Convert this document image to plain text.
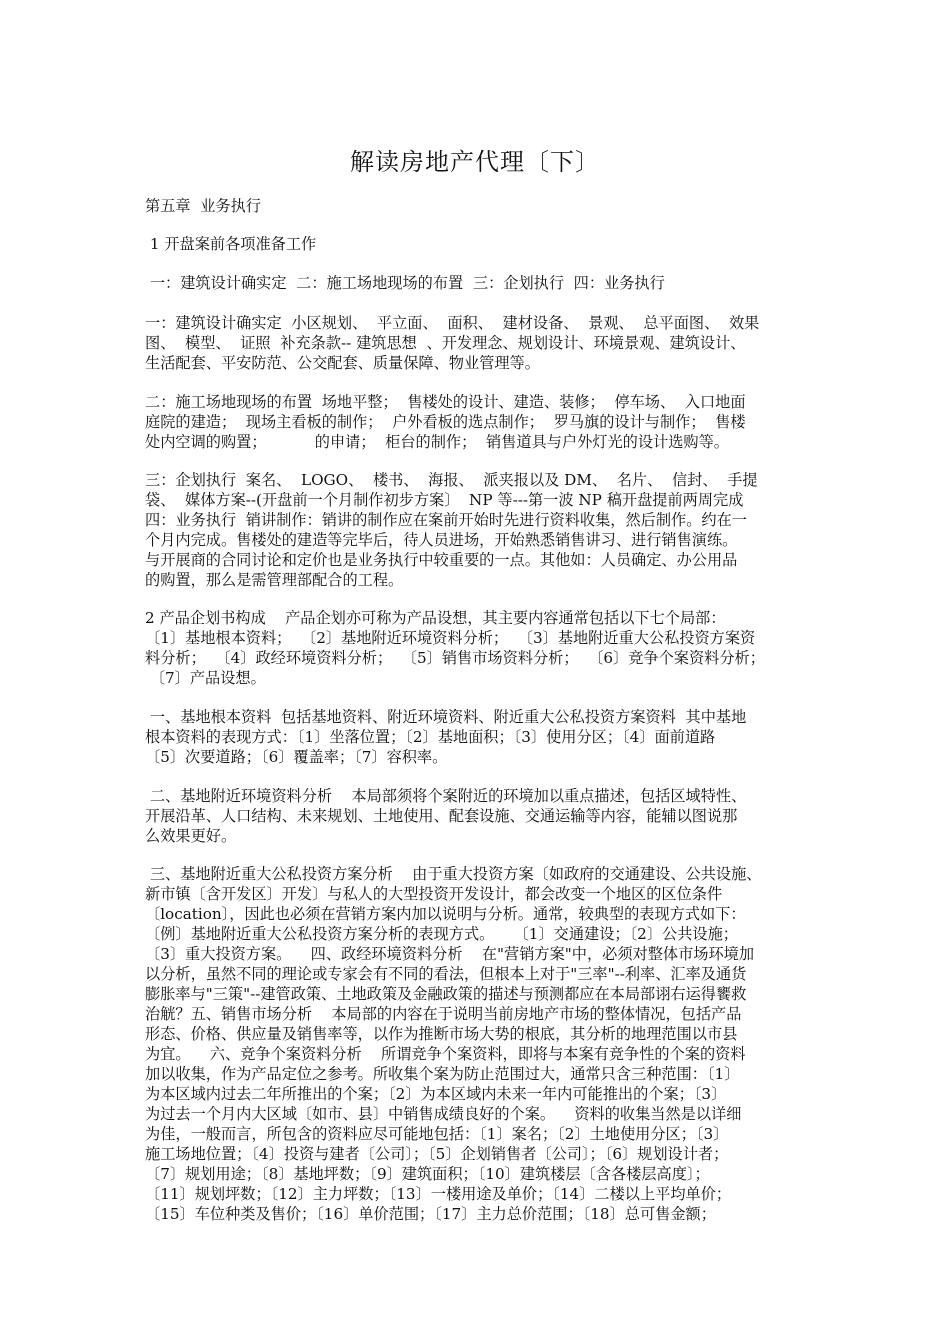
解读房地产代理〔下〕
第五章  业务执行
1 开盘案前各项准备工作
一：建筑设计确实定  二：施工场地现场的布置  三：企划执行  四：业务执行
一：建筑设计确实定  小区规划、  平立面、  面积、  建材设备、  景观、  总平面图、  效果
图、  模型、  证照  补充条款-- 建筑思想  、开发理念、规划设计、环境景观、建筑设计、
生活配套、平安防范、公交配套、质量保障、物业管理等。
二：施工场地现场的布置  场地平整；  售楼处的设计、建造、装修；  停车场、  入口地面
庭院的建造；  现场主看板的制作；  户外看板的选点制作；  罗马旗的设计与制作；  售楼
处内空调的购置；          的申请；  柜台的制作；  销售道具与户外灯光的设计选购等。
三：企划执行  案名、  LOGO、  楼书、  海报、  派夹报以及 DM、  名片、  信封、  手提
袋、  媒体方案--(开盘前一个月制作初步方案〕  NP 等---第一波 NP 稿开盘提前两周完成
四：业务执行  销讲制作：销讲的制作应在案前开始时先进行资料收集，然后制作。约在一
个月内完成。售楼处的建造等完毕后，待人员进场，开始熟悉销售讲习、进行销售演练。
与开展商的合同讨论和定价也是业务执行中较重要的一点。其他如：人员确定、办公用品
的购置，那么是需管理部配合的工程。
2 产品企划书构成    产品企划亦可称为产品设想，其主要内容通常包括以下七个局部：
〔1〕基地根本资料；  〔2〕基地附近环境资料分析；  〔3〕基地附近重大公私投资方案资
料分析；  〔4〕政经环境资料分析；  〔5〕销售市场资料分析；  〔6〕竞争个案资料分析；
〔7〕产品设想。
一、基地根本资料  包括基地资料、附近环境资料、附近重大公私投资方案资料  其中基地
根本资料的表现方式：〔1〕坐落位置；〔2〕基地面积；〔3〕使用分区；〔4〕面前道路
〔5〕次要道路；〔6〕覆盖率；〔7〕容积率。
二、基地附近环境资料分析    本局部须将个案附近的环境加以重点描述，包括区域特性、
开展沿革、人口结构、未来规划、土地使用、配套设施、交通运输等内容，能辅以图说那
么效果更好。
三、基地附近重大公私投资方案分析    由于重大投资方案〔如政府的交通建设、公共设施、
新市镇〔含开发区〕开发〕与私人的大型投资开发设计，都会改变一个地区的区位条件
〔location〕，因此也必须在营销方案内加以说明与分析。通常，较典型的表现方式如下：
〔例〕基地附近重大公私投资方案分析的表现方式。    〔1〕交通建设；〔2〕公共设施；
〔3〕重大投资方案。    四、政经环境资料分析    在"营销方案"中，必须对整体市场环境加
以分析，虽然不同的理论或专家会有不同的看法，但根本上对于"三率"--利率、汇率及通货
膨胀率与"三策"--建管政策、土地政策及金融政策的描述与预测都应在本局部诩右运得饔救
治觥？五、销售市场分析    本局部的内容在于说明当前房地产市场的整体情况，包括产品
形态、价格、供应量及销售率等，以作为推断市场大势的根底，其分析的地理范围以市县
为宜。    六、竞争个案资料分析    所谓竞争个案资料，即将与本案有竞争性的个案的资料
加以收集，作为产品定位之参考。所收集个案为防止范围过大，通常只含三种范围：〔1〕
为本区域内过去二年所推出的个案；〔2〕为本区域内未来一年内可能推出的个案；〔3〕
为过去一个月内大区域〔如市、县〕中销售成绩良好的个案。    资料的收集当然是以详细
为佳，一般而言，所包含的资料应尽可能地包括：〔1〕案名；〔2〕土地使用分区；〔3〕
施工场地位置；〔4〕投资与建者〔公司〕；〔5〕企划销售者〔公司〕；〔6〕规划设计者；
〔7〕规划用途；〔8〕基地坪数；〔9〕建筑面积；〔10〕建筑楼层〔含各楼层高度〕；
〔11〕规划坪数；〔12〕主力坪数；〔13〕一楼用途及单价；〔14〕二楼以上平均单价；
〔15〕车位种类及售价；〔16〕单价范围；〔17〕主力总价范围；〔18〕总可售金额；
